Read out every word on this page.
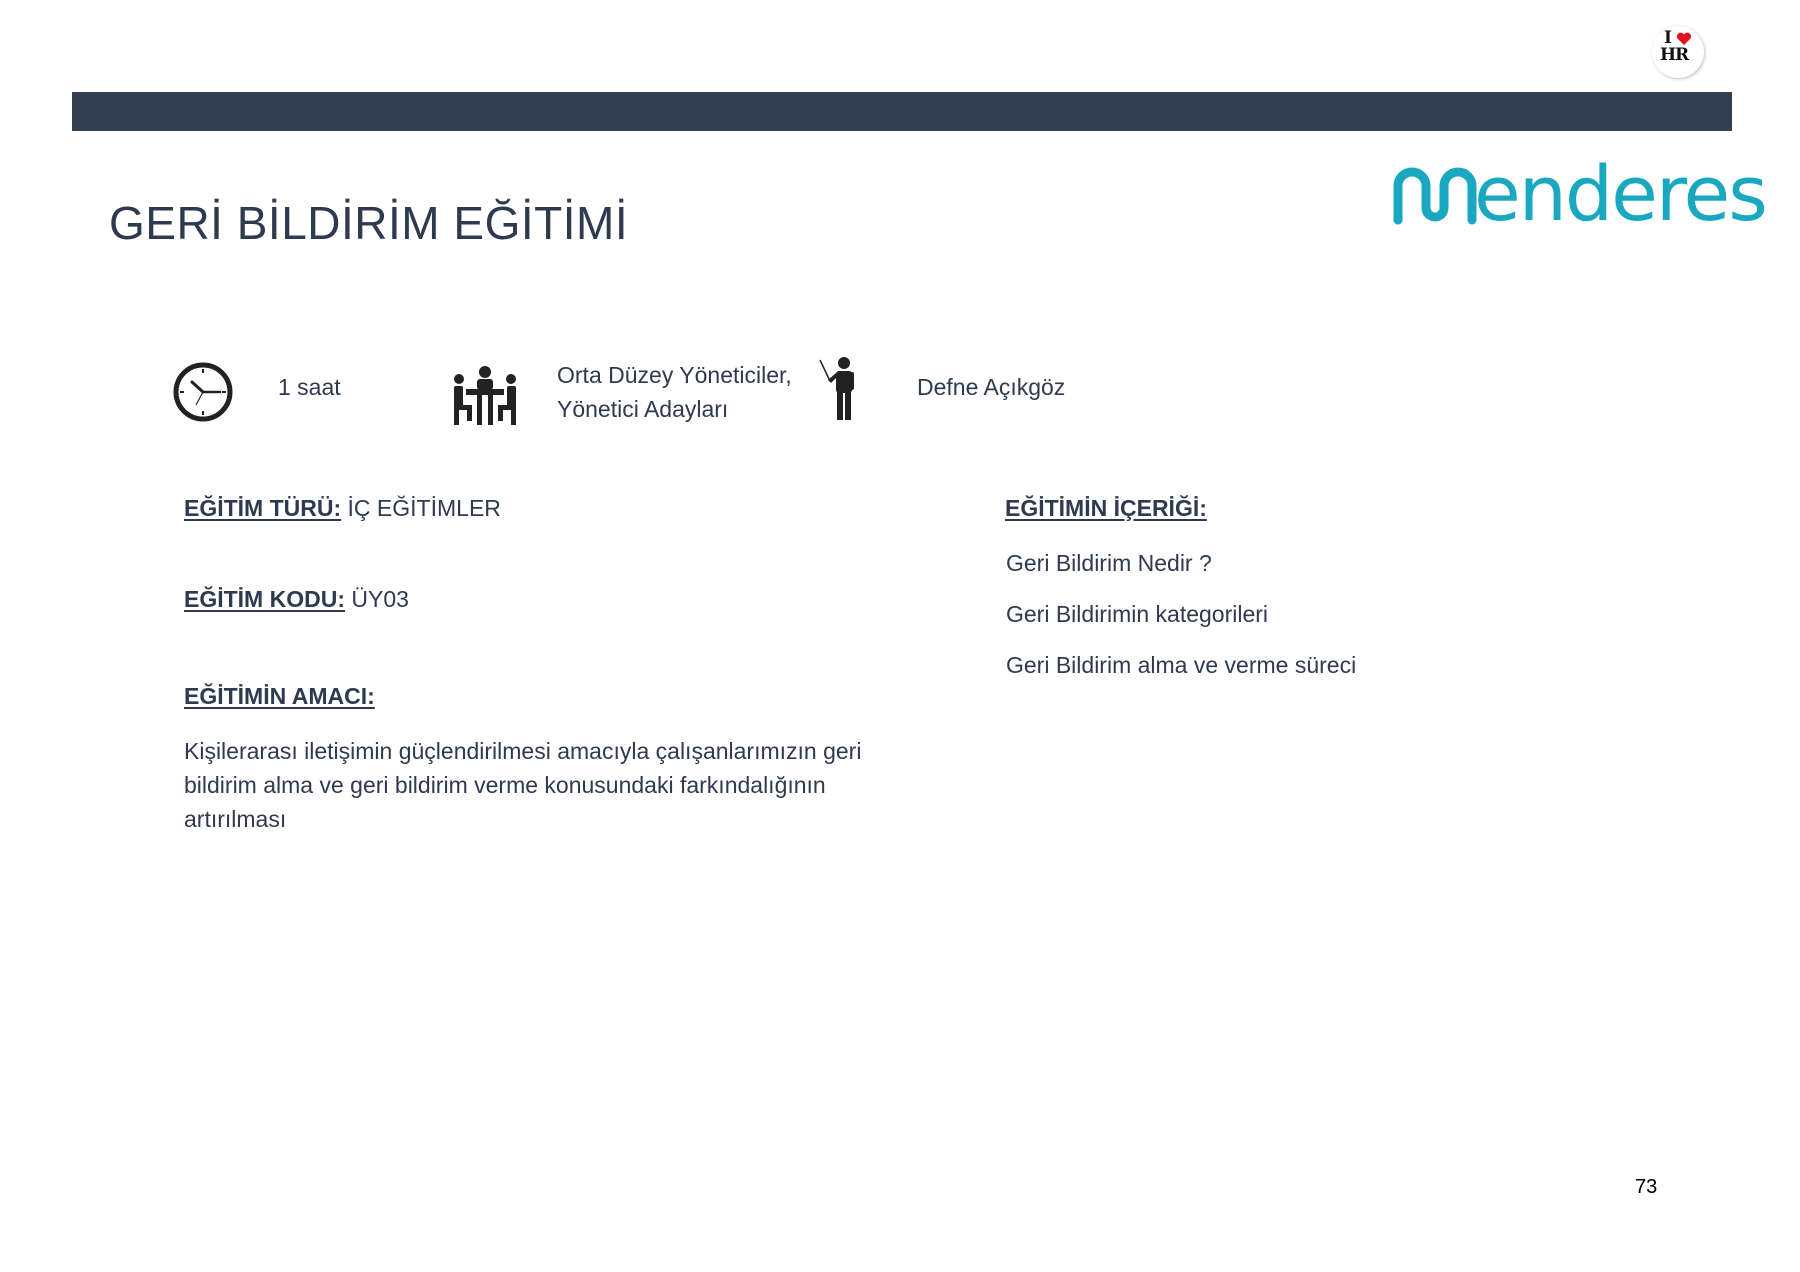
I
HR
enderes
GERİ BİLDİRİM EĞİTİMİ
1 saat	Orta Düzey Yöneticiler, Yönetici Adayları
Defne Açıkgöz
EĞİTİM TÜRÜ: İÇ EĞİTİMLER
EĞİTİM KODU: ÜY03
EĞİTİMİN AMACI:
Kişilerarası iletişimin güçlendirilmesi amacıyla çalışanlarımızın geri bildirim alma ve geri bildirim verme konusundaki farkındalığının artırılması
EĞİTİMİN İÇERİĞİ:
Geri Bildirim Nedir ?
Geri Bildirimin kategorileri
Geri Bildirim alma ve verme süreci
73
